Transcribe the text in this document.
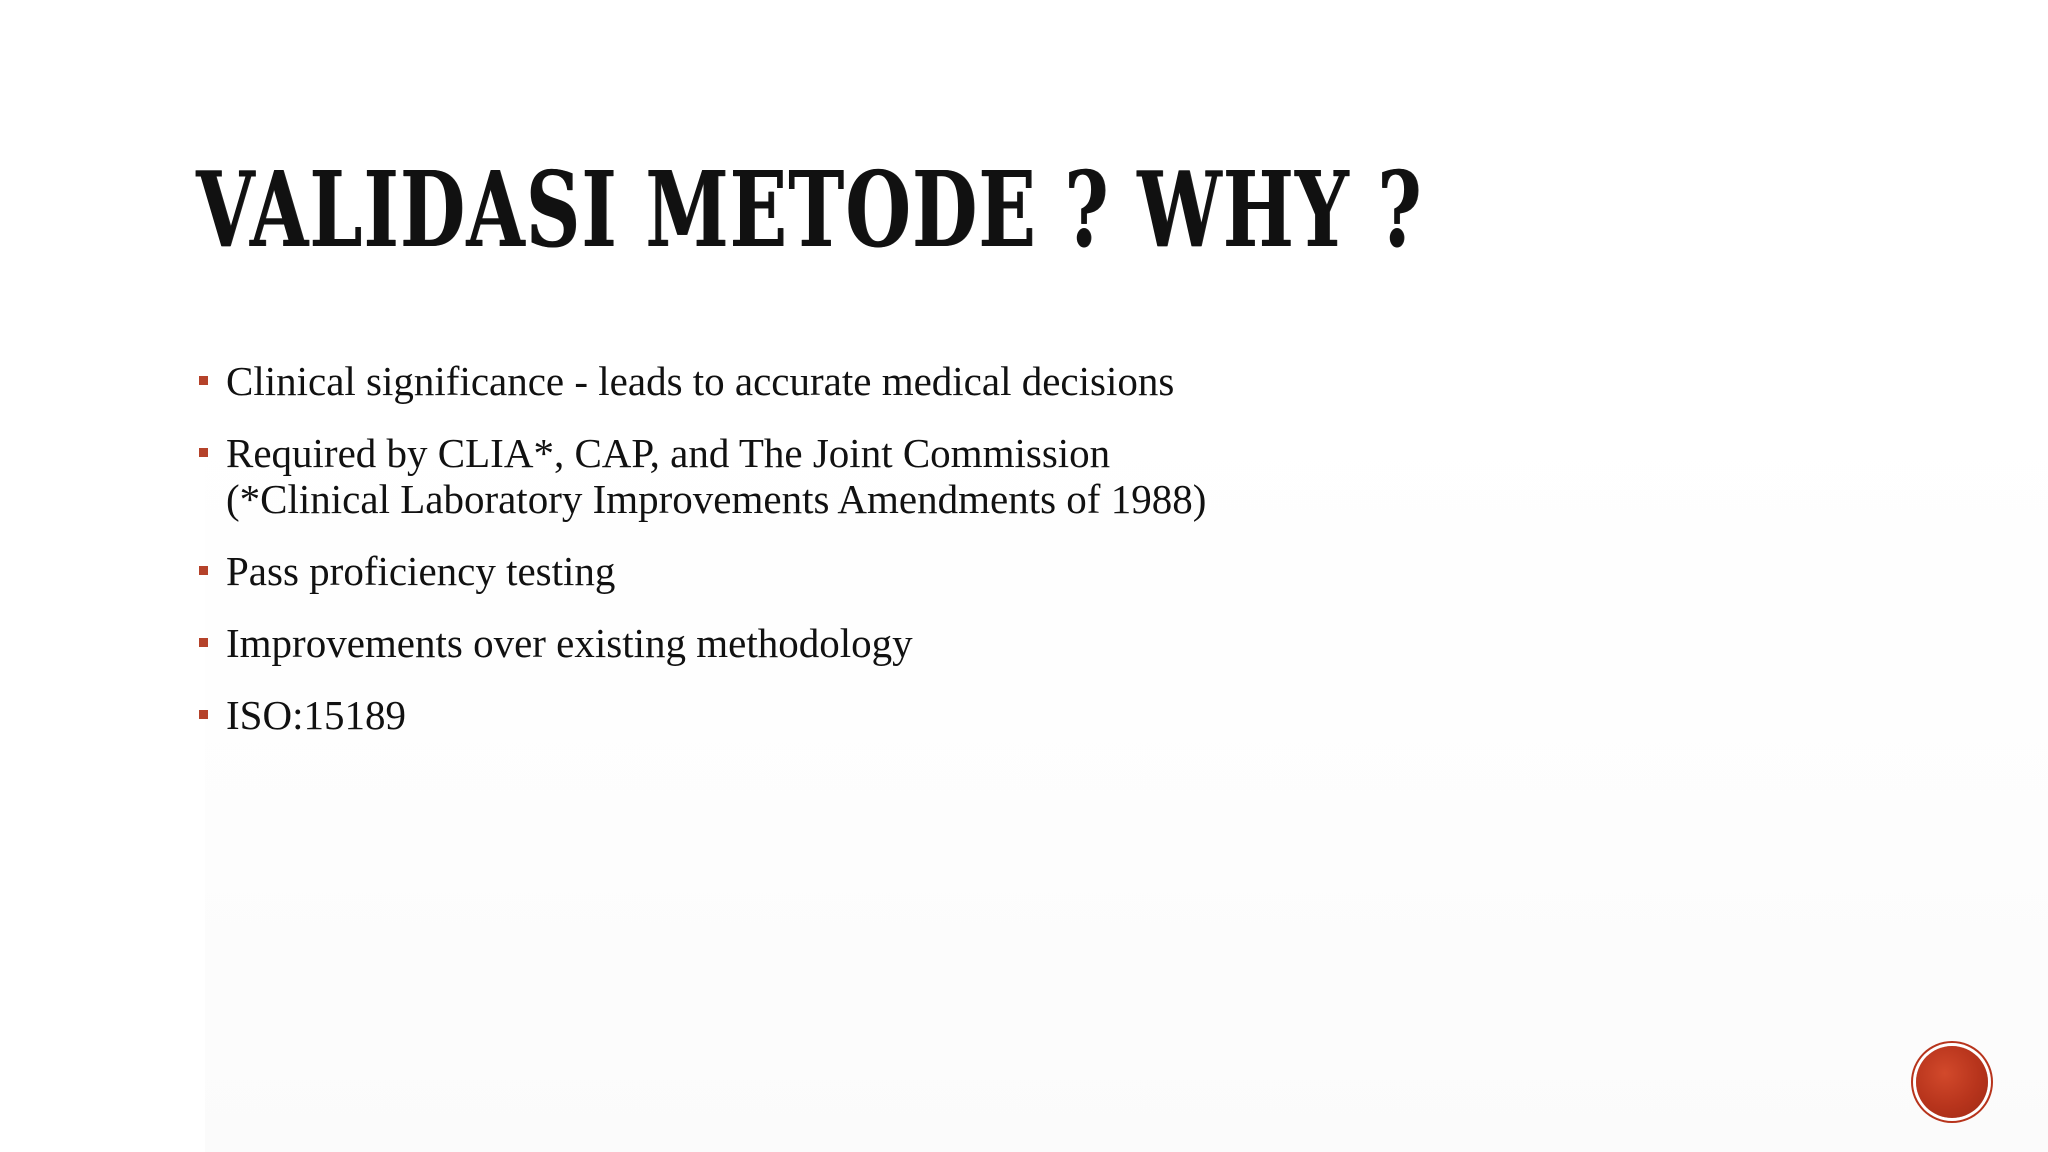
VALIDASI METODE ? WHY ?
Clinical significance - leads to accurate medical decisions
Required by CLIA*, CAP, and The Joint Commission
(*Clinical Laboratory Improvements Amendments of 1988)
Pass proficiency testing
Improvements over existing methodology
ISO:15189
